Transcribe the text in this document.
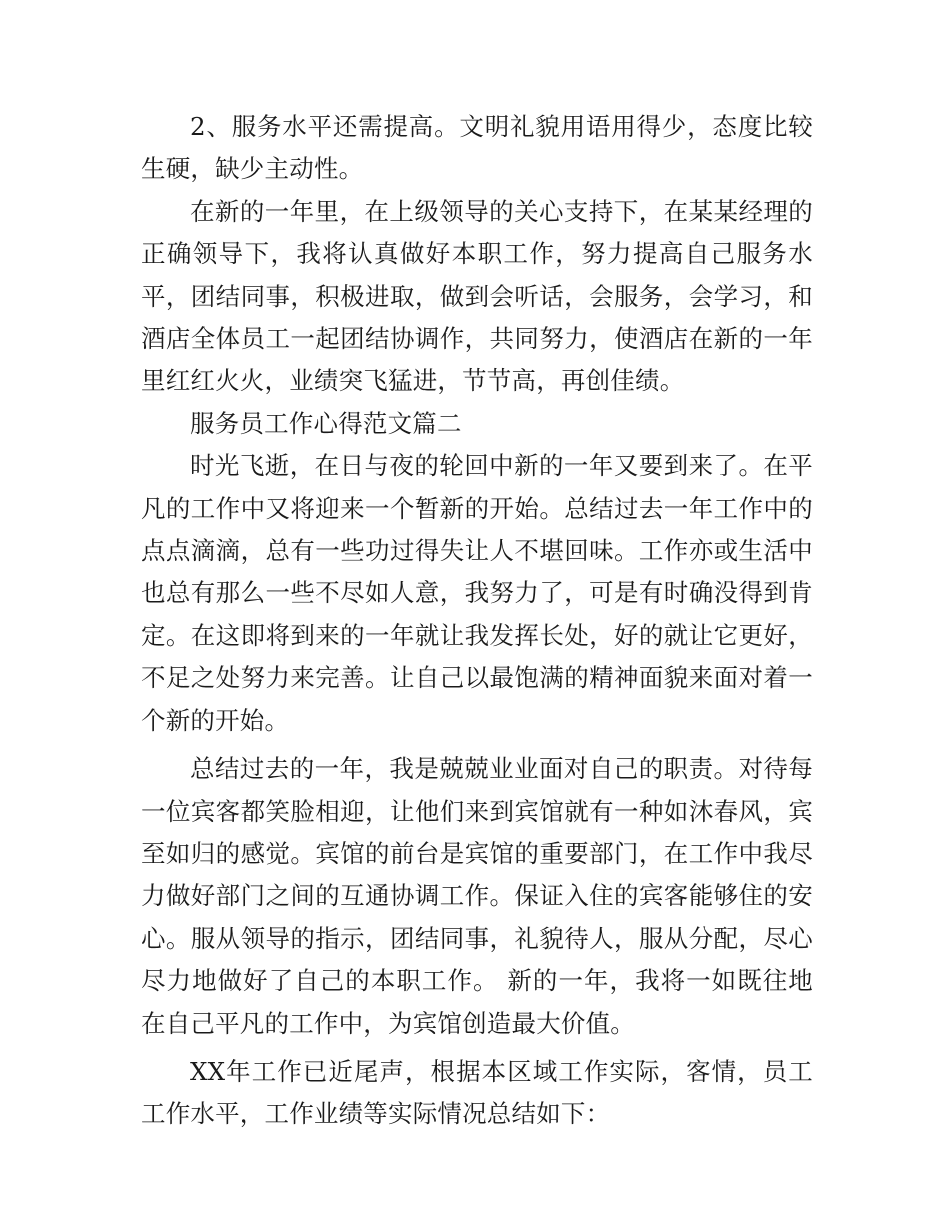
2、服务水平还需提高。文明礼貌用语用得少，态度比较生硬，缺少主动性。

在新的一年里，在上级领导的关心支持下，在某某经理的正确领导下，我将认真做好本职工作，努力提高自己服务水平，团结同事，积极进取，做到会听话，会服务，会学习，和酒店全体员工一起团结协调作，共同努力，使酒店在新的一年里红红火火，业绩突飞猛进，节节高，再创佳绩。

服务员工作心得范文篇二

时光飞逝，在日与夜的轮回中新的一年又要到来了。在平凡的工作中又将迎来一个暂新的开始。总结过去一年工作中的点点滴滴，总有一些功过得失让人不堪回味。工作亦或生活中也总有那么一些不尽如人意，我努力了，可是有时确没得到肯定。在这即将到来的一年就让我发挥长处，好的就让它更好，不足之处努力来完善。让自己以最饱满的精神面貌来面对着一个新的开始。

总结过去的一年，我是兢兢业业面对自己的职责。对待每一位宾客都笑脸相迎，让他们来到宾馆就有一种如沐春风，宾至如归的感觉。宾馆的前台是宾馆的重要部门，在工作中我尽力做好部门之间的互通协调工作。保证入住的宾客能够住的安心。服从领导的指示，团结同事，礼貌待人，服从分配，尽心尽力地做好了自己的本职工作。 新的一年，我将一如既往地在自己平凡的工作中，为宾馆创造最大价值。

XX年工作已近尾声，根据本区域工作实际，客情，员工工作水平，工作业绩等实际情况总结如下：
